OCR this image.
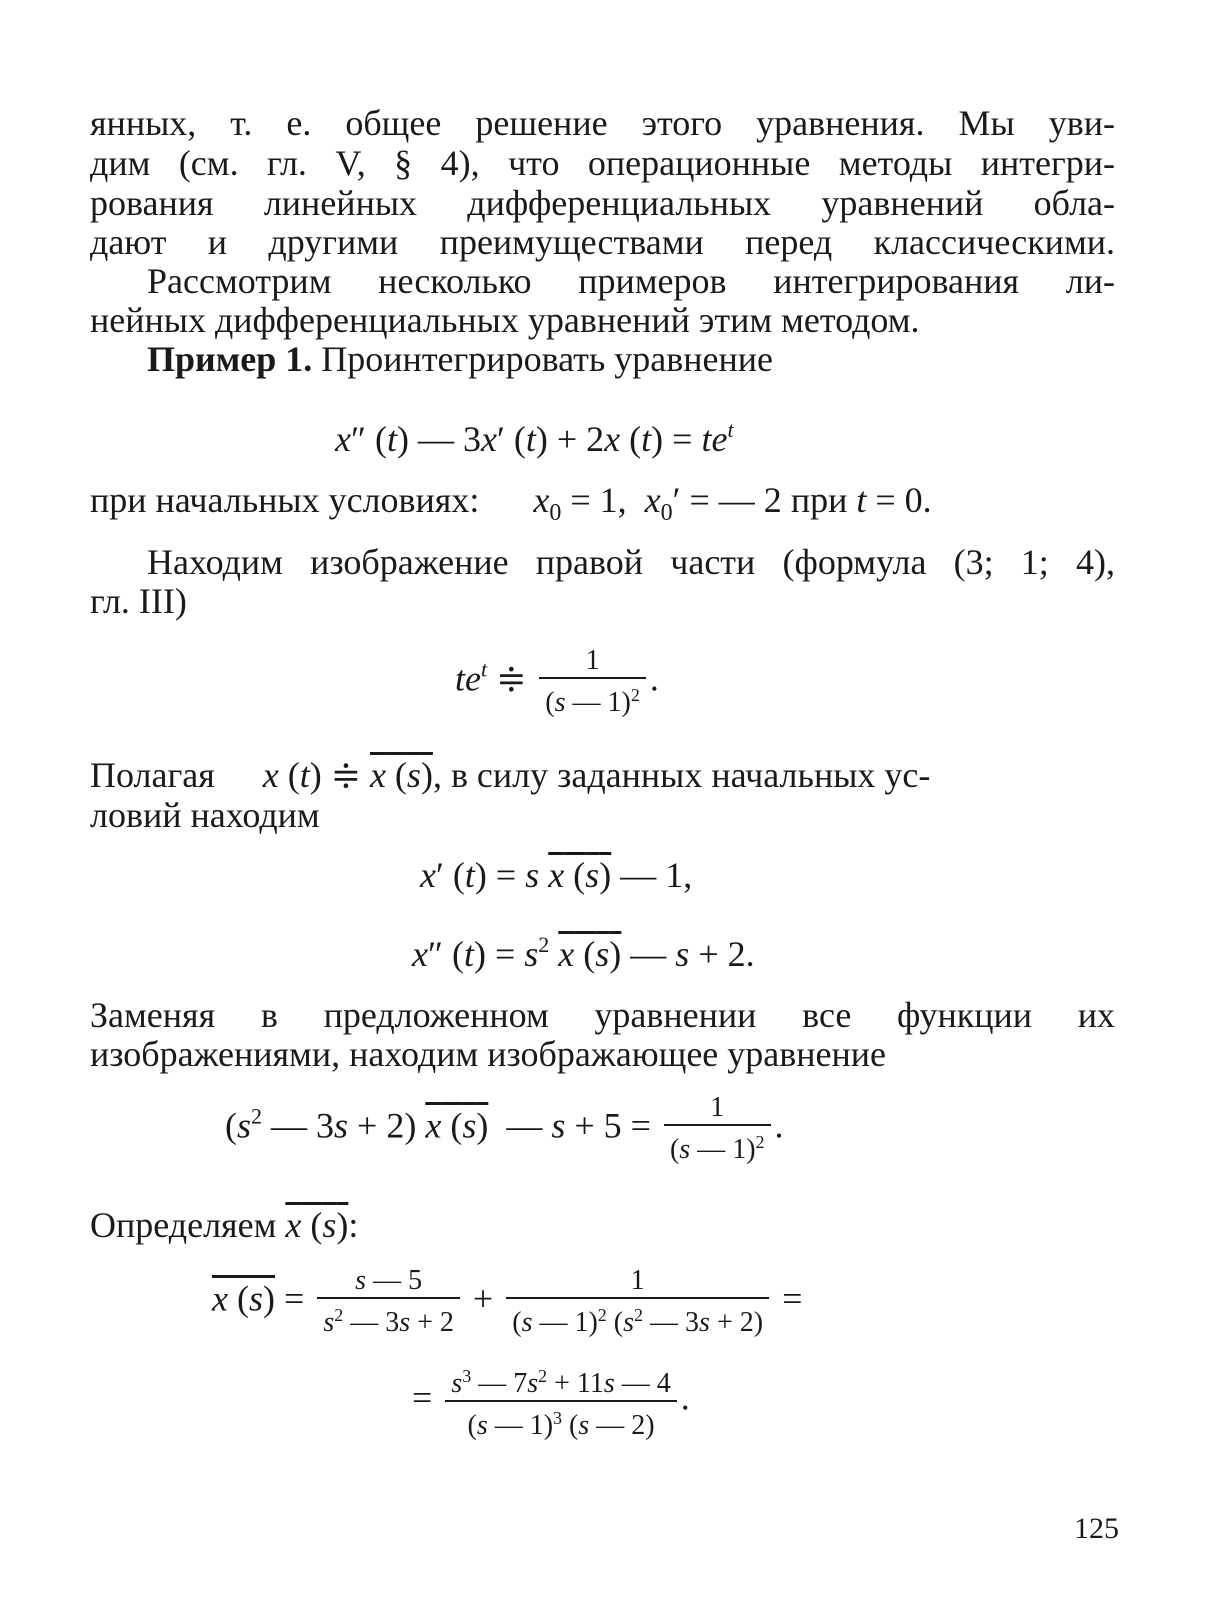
янных, т. е. общее решение этого уравнения. Мы уви-
дим (см. гл. V, § 4), что операционные методы интегри-
рования линейных дифференциальных уравнений обла-
дают и другими преимуществами перед классическими.
Рассмотрим несколько примеров интегрирования ли-
нейных дифференциальных уравнений этим методом.
Пример 1. Проинтегрировать уравнение
x″ (t) — 3x′ (t) + 2x $(t) = te^t$
при начальных условиях: $x_0 = 1$,  $x_0'$ = — 2 при t = 0.
Находим изображение правой части (формула (3; 1; 4),
гл. III)
$te^t$ ≑ $\frac{1}{(s — 1)^2}$ .
Полагая x (t) ≑ x (s), в силу заданных начальных ус-
ловий находим
x′ (t) = s x (s) — 1,
x″ $(t) = s^2$ x (s) — s + 2.
Заменяя в предложенном уравнении все функции их
изображениями, находим изображающее уравнение
($s^2$ — 3s + 2) x (s)  — $s + 5 = \frac{1}{(s — 1)^2}$ .
Определяем x (s):
x $(s) = \frac{s — 5}{s^2 — 3s + 2} + \frac{1}{(s — 1)^2 (s^2 — 3s + 2)}$ =
= $\frac{s^3 — 7s^2 + 11s — 4}{(s — 1)^3 (s — 2)}$ .
125
